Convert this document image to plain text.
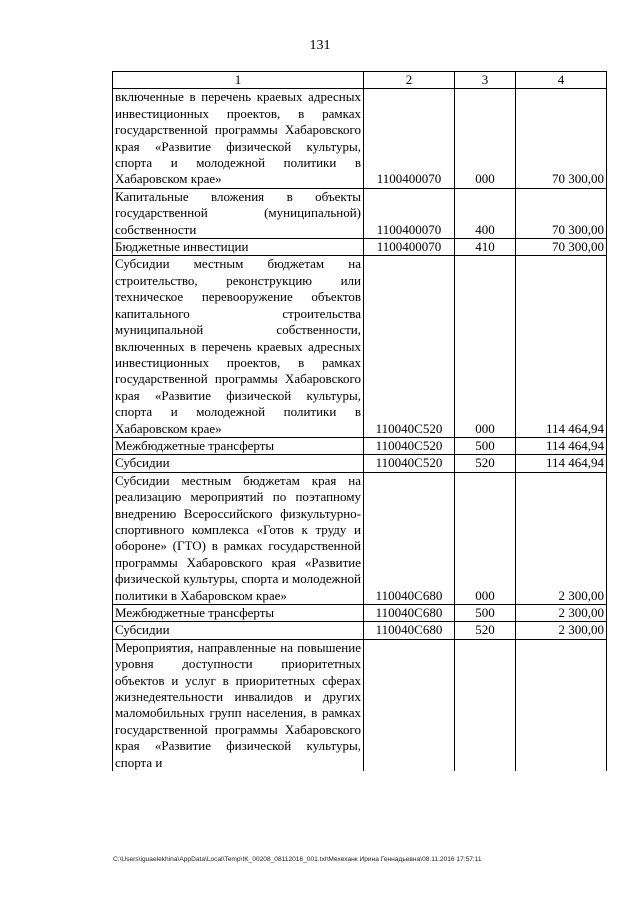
131
1	2	3	4
включенные в перечень краевых адресных инвестиционных проектов, в рамках государственной программы Хабаровского края «Развитие физической культуры, спорта и молодежной политики в Хабаровском крае»	1100400070	000	70 300,00
Капитальные вложения в объекты государственной (муниципальной) собственности	1100400070	400	70 300,00
Бюджетные инвестиции	1100400070	410	70 300,00
Субсидии местным бюджетам на строительство, реконструкцию или техническое перевооружение объектов капитального строительства муниципальной собственности, включенных в перечень краевых адресных инвестиционных проектов, в рамках государственной программы Хабаровского края «Развитие физической культуры, спорта и молодежной политики в Хабаровском крае»	110040C520	000	114 464,94
Межбюджетные трансферты	110040C520	500	114 464,94
Субсидии	110040C520	520	114 464,94
Субсидии местным бюджетам края на реализацию мероприятий по поэтапному внедрению Всероссийского физкультурно-спортивного комплекса «Готов к труду и обороне» (ГТО) в рамках государственной программы Хабаровского края «Развитие физической культуры, спорта и молодежной политики в Хабаровском крае»	110040C680	000	2 300,00
Межбюджетные трансферты	110040C680	500	2 300,00
Субсидии	110040C680	520	2 300,00
Мероприятия, направленные на повышение уровня доступности приоритетных объектов и услуг в приоритетных сферах жизнедеятельности инвалидов и других маломобильных групп населения, в рамках государственной программы Хабаровского края «Развитие физической культуры, спорта и			
C:\Users\iguaelekhina\AppData\Local\Temp\IK_00208_08112016_001.txt\Мехеханк Ирина Геннадьевна\08.11.2016 17:57:11
